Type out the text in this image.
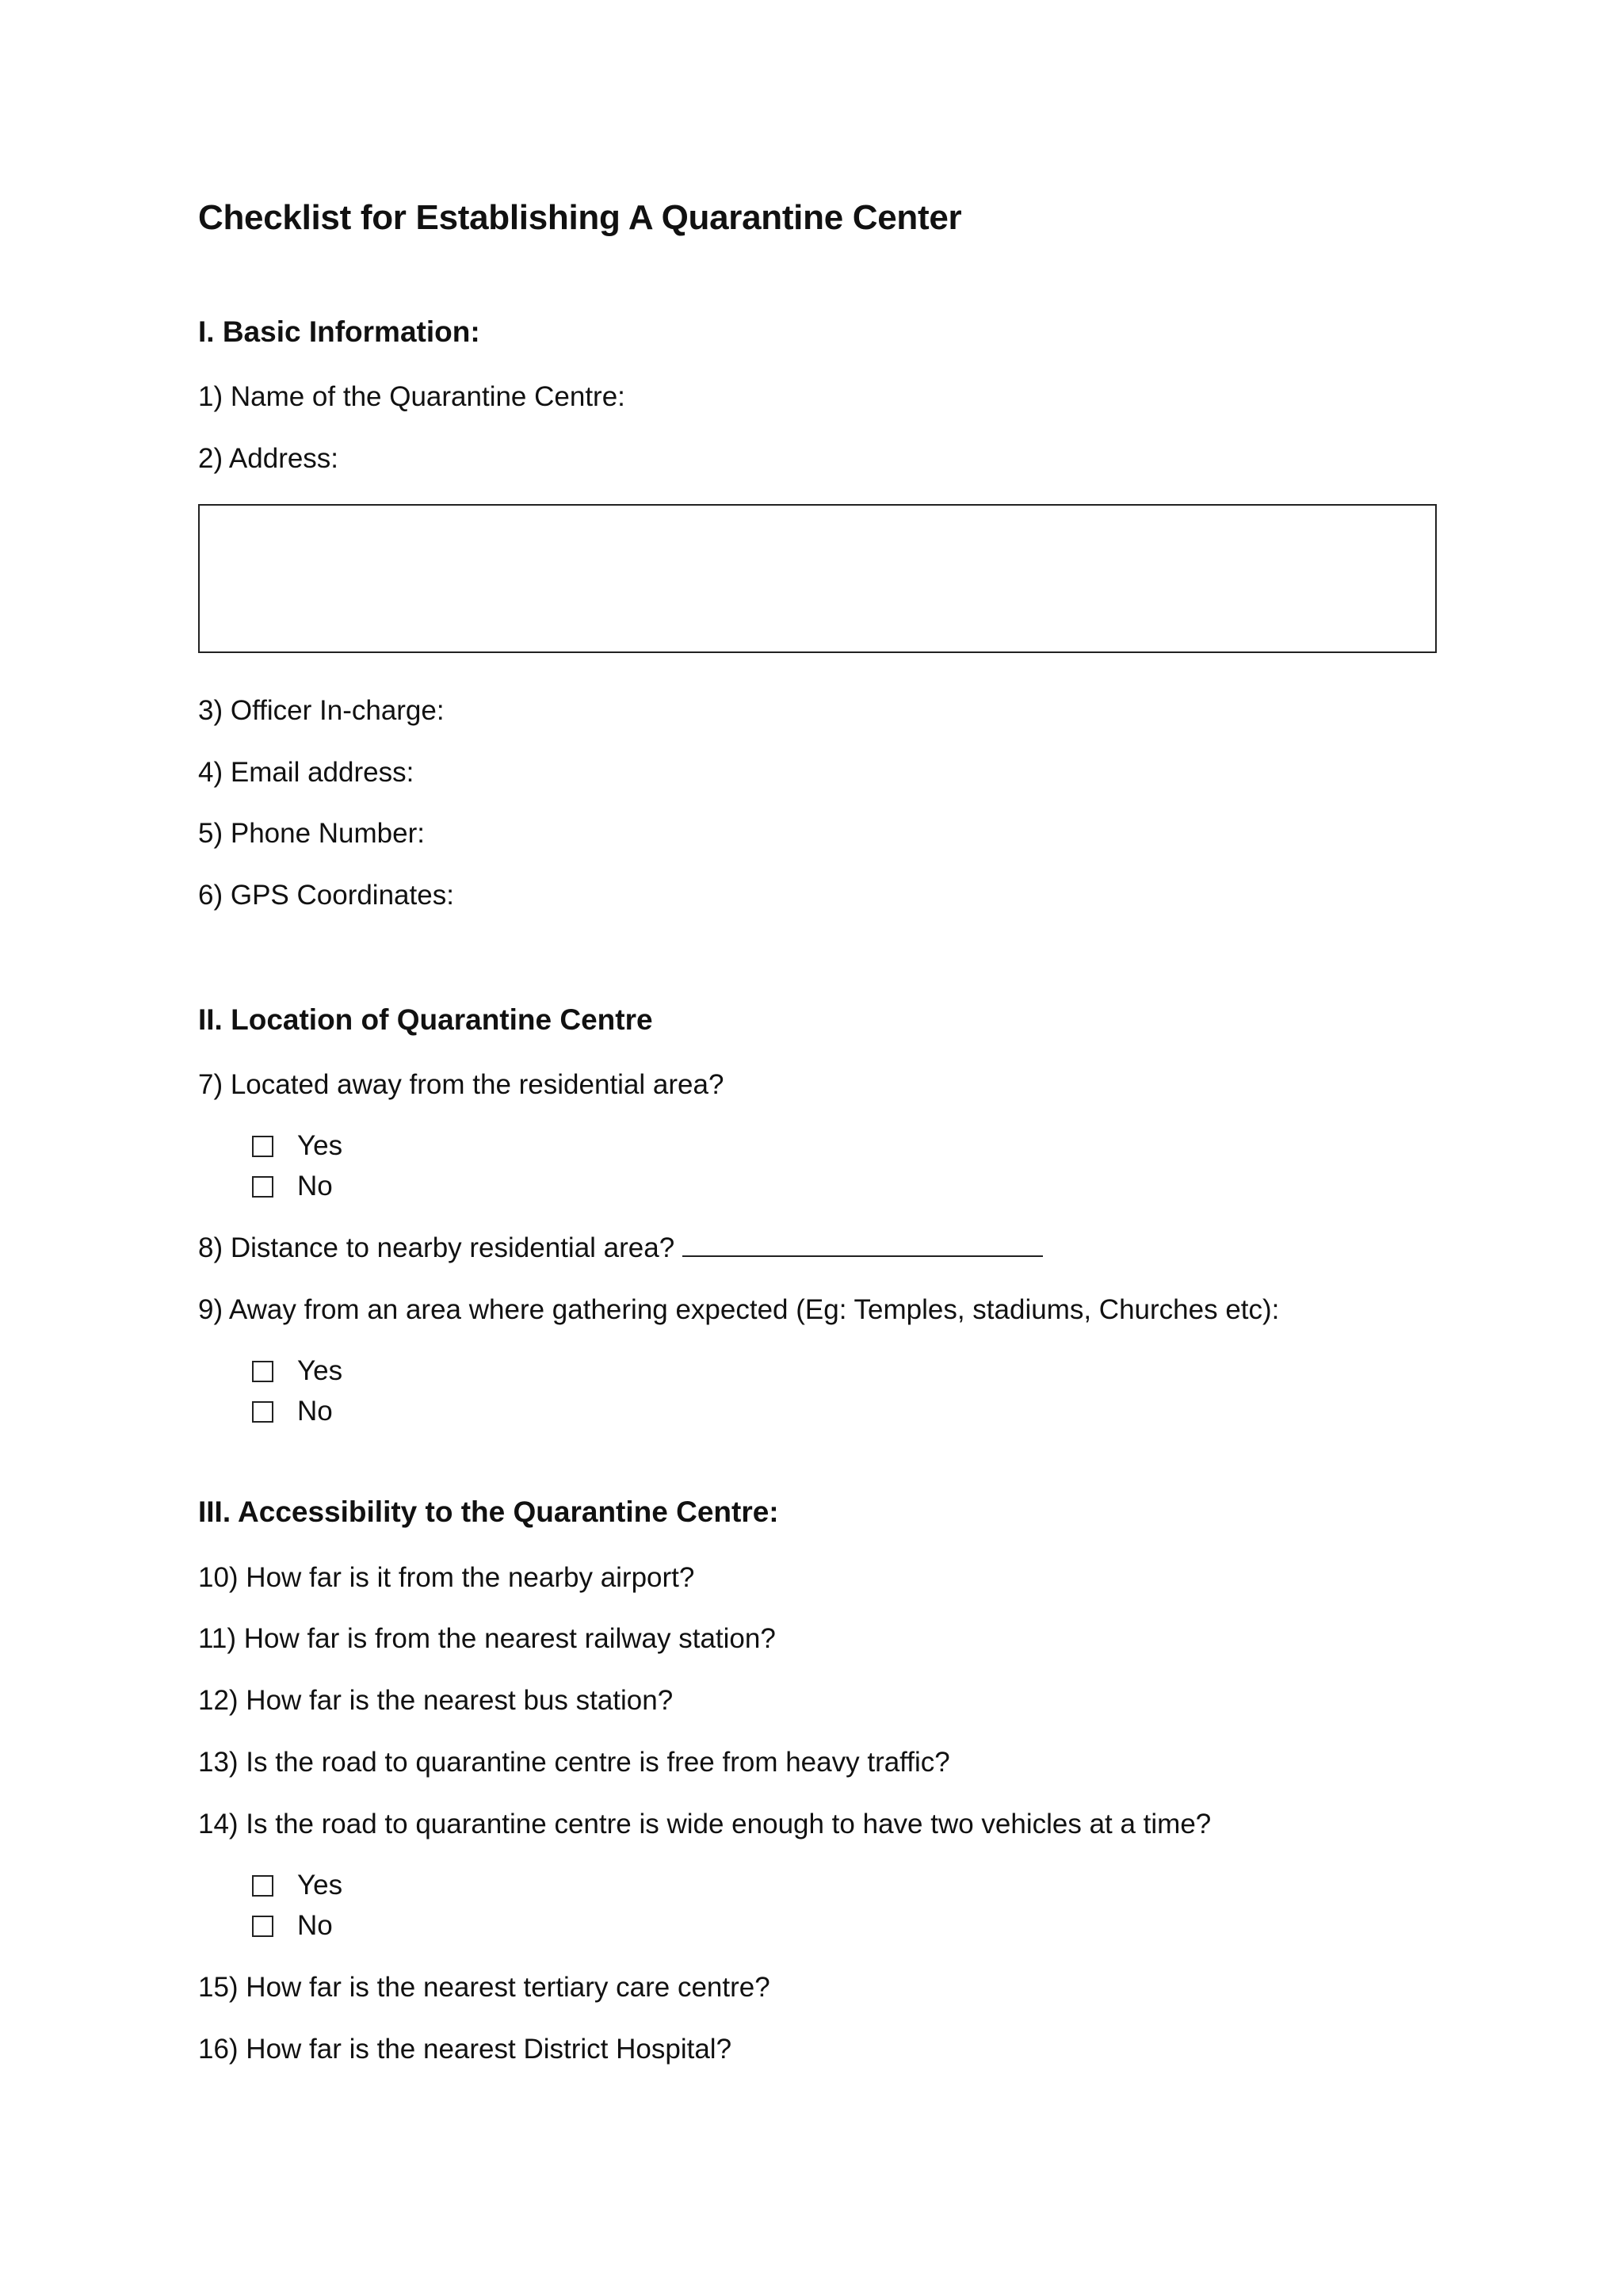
Checklist for Establishing A Quarantine Center
I. Basic Information:
1) Name of the Quarantine Centre:
2) Address:
3) Officer In-charge:
4) Email address:
5) Phone Number:
6) GPS Coordinates:
II. Location of Quarantine Centre
7) Located away from the residential area?
Yes
No
8) Distance to nearby residential area?
9) Away from an area where gathering expected (Eg: Temples, stadiums, Churches etc):
Yes
No
III. Accessibility to the Quarantine Centre:
10) How far is it from the nearby airport?
11) How far is from the nearest railway station?
12) How far is the nearest bus station?
13) Is the road to quarantine centre is free from heavy traffic?
14) Is the road to quarantine centre is wide enough to have two vehicles at a time?
Yes
No
15) How far is the nearest tertiary care centre?
16) How far is the nearest District Hospital?
